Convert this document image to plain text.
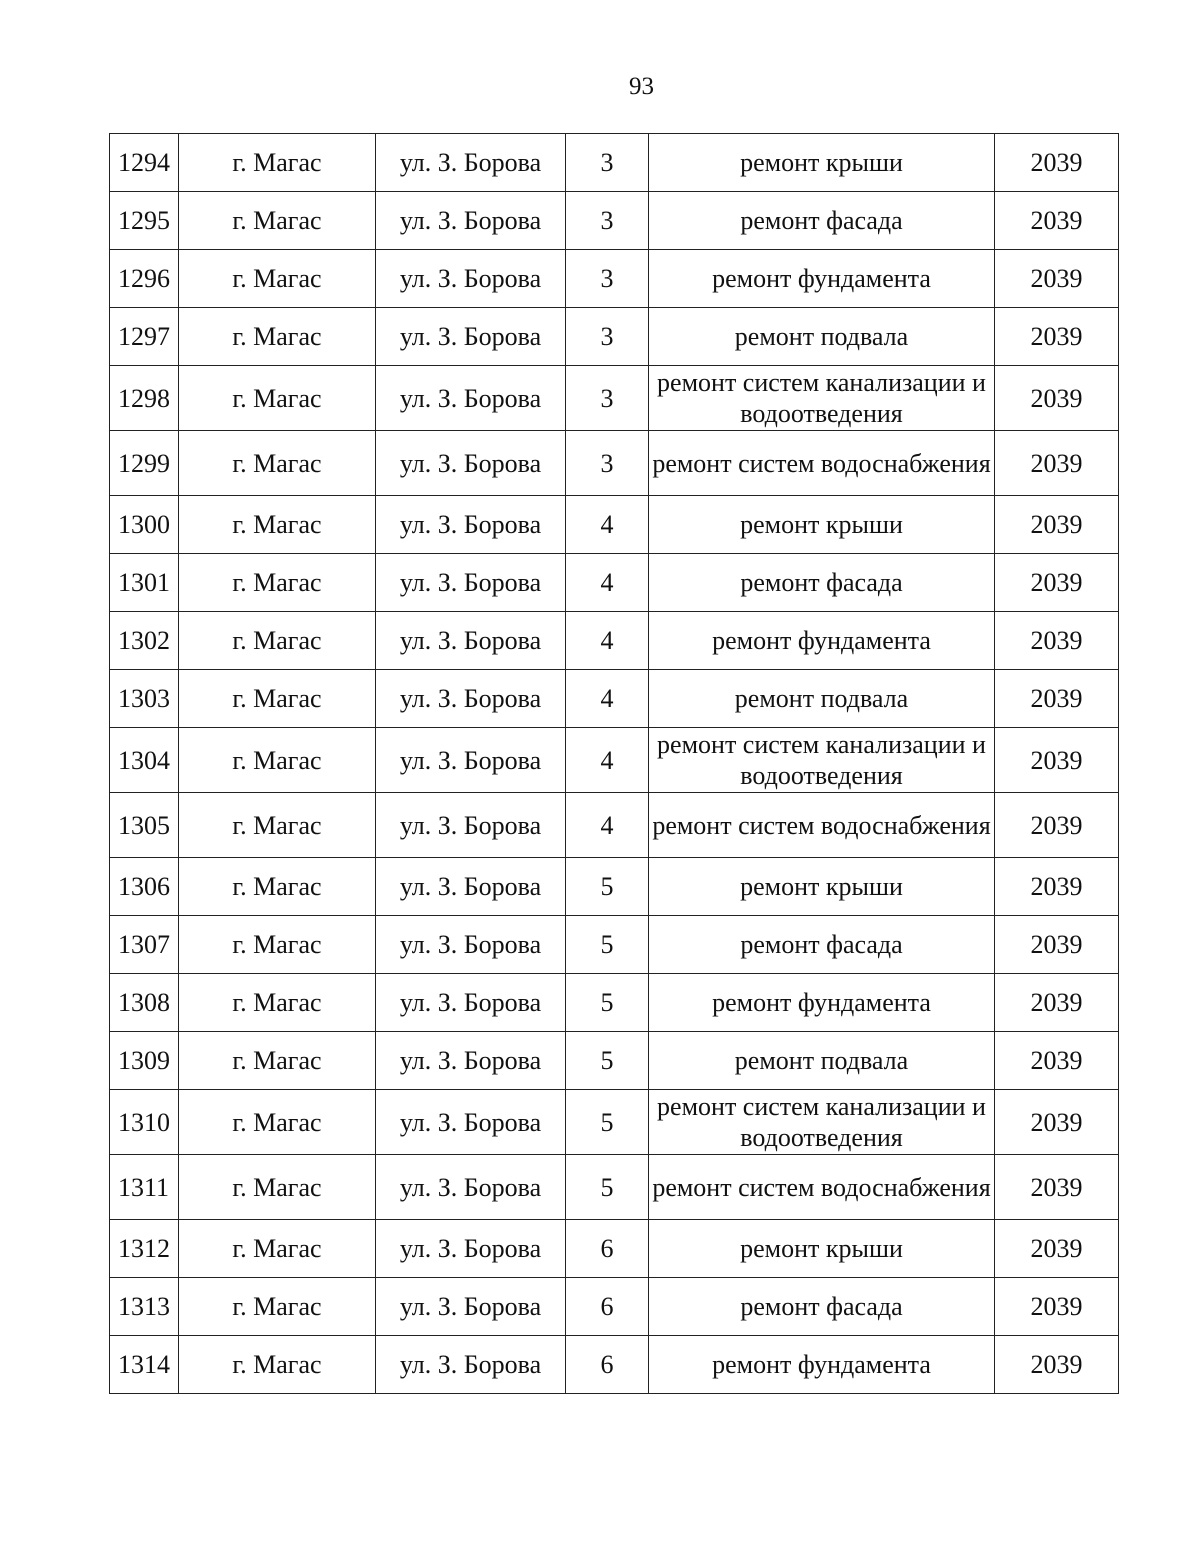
93
1294	г. Магас	ул. З. Борова	3	ремонт крыши	2039
1295	г. Магас	ул. З. Борова	3	ремонт фасада	2039
1296	г. Магас	ул. З. Борова	3	ремонт фундамента	2039
1297	г. Магас	ул. З. Борова	3	ремонт подвала	2039
1298	г. Магас	ул. З. Борова	3	ремонт систем канализации и водоотведения	2039
1299	г. Магас	ул. З. Борова	3	ремонт систем водоснабжения	2039
1300	г. Магас	ул. З. Борова	4	ремонт крыши	2039
1301	г. Магас	ул. З. Борова	4	ремонт фасада	2039
1302	г. Магас	ул. З. Борова	4	ремонт фундамента	2039
1303	г. Магас	ул. З. Борова	4	ремонт подвала	2039
1304	г. Магас	ул. З. Борова	4	ремонт систем канализации и водоотведения	2039
1305	г. Магас	ул. З. Борова	4	ремонт систем водоснабжения	2039
1306	г. Магас	ул. З. Борова	5	ремонт крыши	2039
1307	г. Магас	ул. З. Борова	5	ремонт фасада	2039
1308	г. Магас	ул. З. Борова	5	ремонт фундамента	2039
1309	г. Магас	ул. З. Борова	5	ремонт подвала	2039
1310	г. Магас	ул. З. Борова	5	ремонт систем канализации и водоотведения	2039
1311	г. Магас	ул. З. Борова	5	ремонт систем водоснабжения	2039
1312	г. Магас	ул. З. Борова	6	ремонт крыши	2039
1313	г. Магас	ул. З. Борова	6	ремонт фасада	2039
1314	г. Магас	ул. З. Борова	6	ремонт фундамента	2039
